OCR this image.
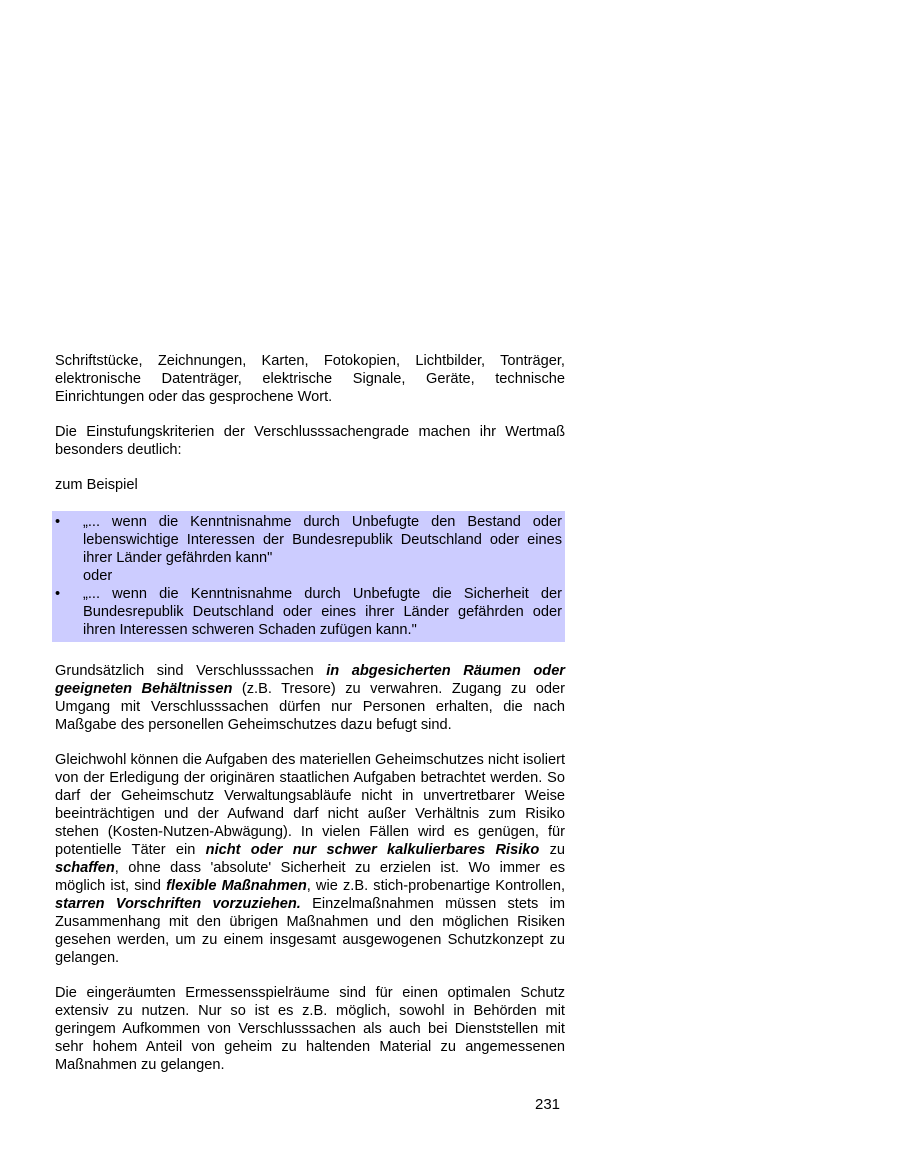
Schriftstücke, Zeichnungen, Karten, Fotokopien, Lichtbilder, Tonträger, elektronische Datenträger, elektrische Signale, Geräte, technische Einrichtungen oder das gesprochene Wort.

Die Einstufungskriterien der Verschlusssachengrade machen ihr Wertmaß besonders deutlich:

zum Beispiel

•	„... wenn die Kenntnisnahme durch Unbefugte den Bestand oder lebenswichtige Interessen der Bundesrepublik Deutschland oder eines ihrer Länder gefährden kann"
oder
•	„... wenn die Kenntnisnahme durch Unbefugte die Sicherheit der Bundesrepublik Deutschland oder eines ihrer Länder gefährden oder ihren Interessen schweren Schaden zufügen kann."

Grundsätzlich sind Verschlusssachen in abgesicherten Räumen oder geeigneten Behältnissen (z.B. Tresore) zu verwahren. Zugang zu oder Umgang mit Verschlusssachen dürfen nur Personen erhalten, die nach Maßgabe des personellen Geheimschutzes dazu befugt sind.

Gleichwohl können die Aufgaben des materiellen Geheimschutzes nicht isoliert von der Erledigung der originären staatlichen Aufgaben betrachtet werden. So darf der Geheimschutz Verwaltungsabläufe nicht in unvertretbarer Weise beeinträchtigen und der Aufwand darf nicht außer Verhältnis zum Risiko stehen (Kosten-Nutzen-Abwägung). In vielen Fällen wird es genügen, für potentielle Täter ein nicht oder nur schwer kalkulierbares Risiko zu schaffen, ohne dass 'absolute' Sicherheit zu erzielen ist. Wo immer es möglich ist, sind flexible Maßnahmen, wie z.B. stich-probenartige Kontrollen, starren Vorschriften vorzuziehen. Einzelmaßnahmen müssen stets im Zusammenhang mit den übrigen Maßnahmen und den möglichen Risiken gesehen werden, um zu einem insgesamt ausgewogenen Schutzkonzept zu gelangen.

Die eingeräumten Ermessensspielräume sind für einen optimalen Schutz extensiv zu nutzen. Nur so ist es z.B. möglich, sowohl in Behörden mit geringem Aufkommen von Verschlusssachen als auch bei Dienststellen mit sehr hohem Anteil von geheim zu haltenden Material zu angemessenen Maßnahmen zu gelangen.

231
